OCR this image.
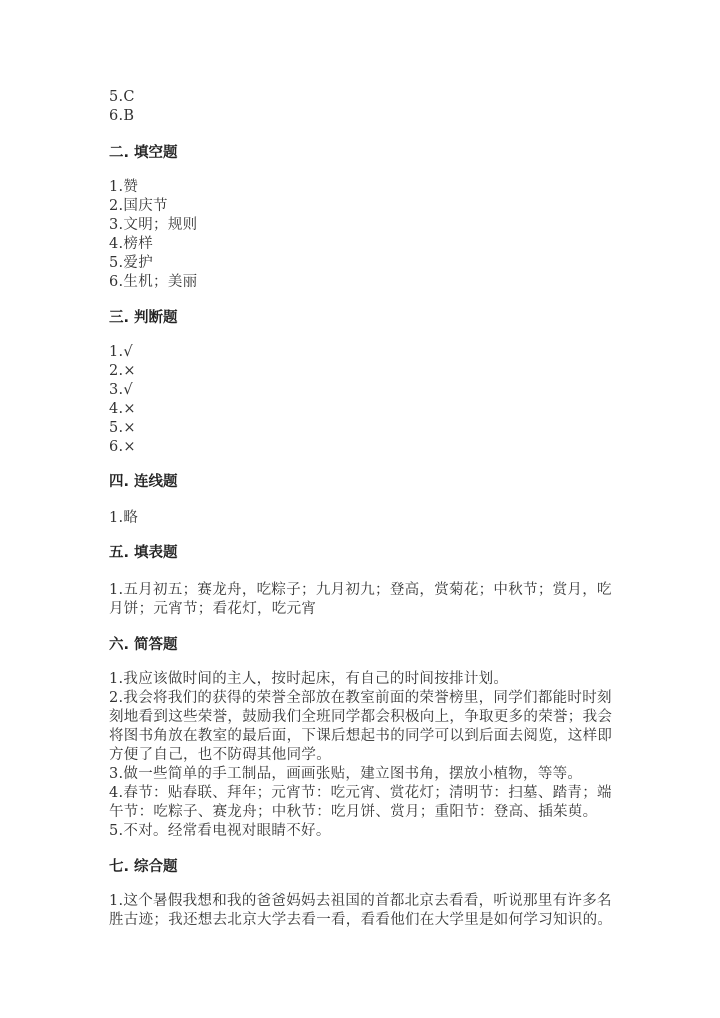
5.C
6.B
二. 填空题
1.赞
2.国庆节
3.文明；规则
4.榜样
5.爱护
6.生机；美丽
三. 判断题
1.√
2.×
3.√
4.×
5.×
6.×
四. 连线题
1.略
五. 填表题
1.五月初五；赛龙舟，吃粽子；九月初九；登高，赏菊花；中秋节；赏月，吃
月饼；元宵节；看花灯，吃元宵
六. 简答题
1.我应该做时间的主人，按时起床，有自己的时间按排计划。
2.我会将我们的获得的荣誉全部放在教室前面的荣誉榜里，同学们都能时时刻
刻地看到这些荣誉，鼓励我们全班同学都会积极向上，争取更多的荣誉；我会
将图书角放在教室的最后面，下课后想起书的同学可以到后面去阅览，这样即
方便了自己，也不防碍其他同学。
3.做一些简单的手工制品，画画张贴，建立图书角，摆放小植物，等等。
4.春节：贴春联、拜年；元宵节：吃元宵、赏花灯；清明节：扫墓、踏青；端
午节：吃粽子、赛龙舟；中秋节：吃月饼、赏月；重阳节：登高、插茱萸。
5.不对。经常看电视对眼睛不好。
七. 综合题
1.这个暑假我想和我的爸爸妈妈去祖国的首都北京去看看，听说那里有许多名
胜古迹；我还想去北京大学去看一看，看看他们在大学里是如何学习知识的。
